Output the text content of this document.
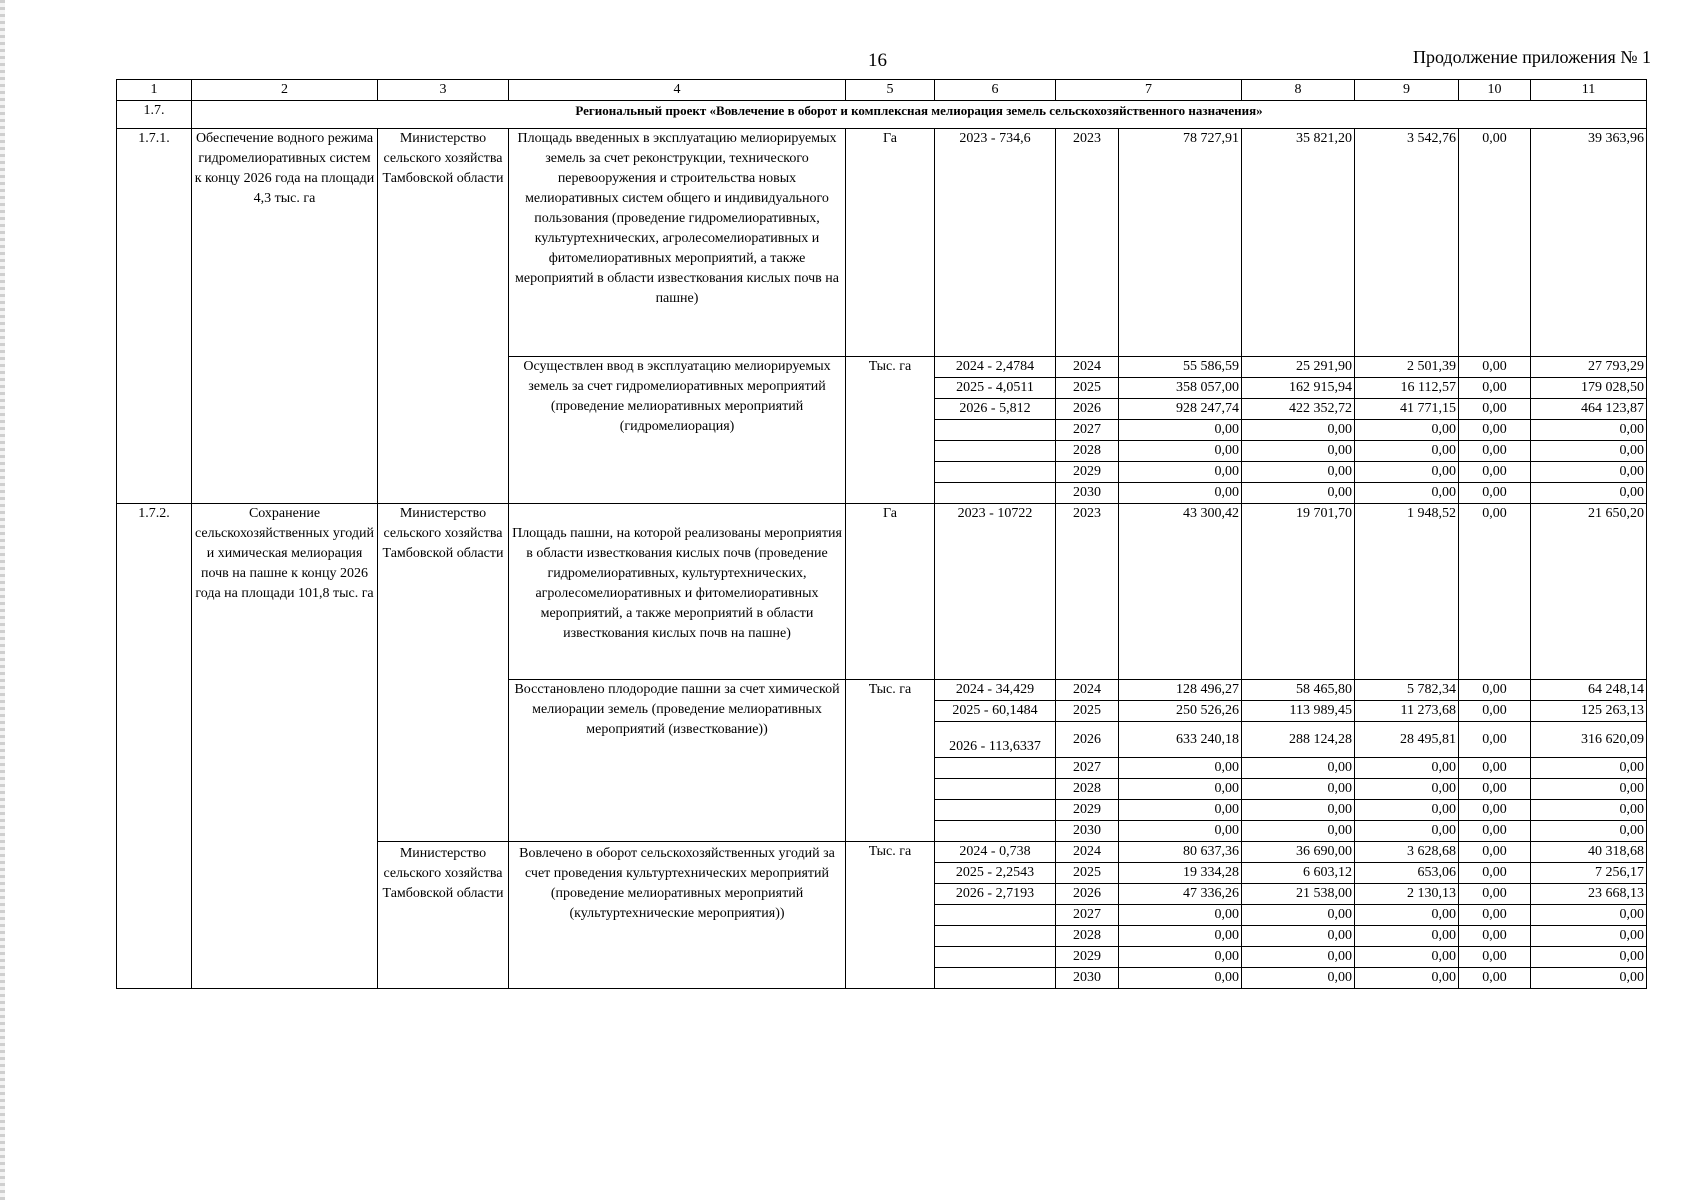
16	Продолжение приложения № 1
1	2	3	4	5	6	7		8	9	10	11
1.7.	Региональный проект «Вовлечение в оборот и комплексная мелиорация земель сельскохозяйственного назначения»										
1.7.1.	Обеспечение водного режима гидромелиоративных систем к концу 2026 года на площади 4,3 тыс. га	Министерство сельского хозяйства Тамбовской области	Площадь введенных в эксплуатацию мелиорируемых земель за счет реконструкции, технического перевооружения и строительства новых мелиоративных систем общего и индивидуального пользования (проведение гидромелиоративных, культуртехнических, агролесомелиоративных и фитомелиоративных мероприятий, а также мероприятий в области известкования кислых почв на пашне)	Га	2023 - 734,6	2023	78 727,91	35 821,20	3 542,76	0,00	39 363,96
			Осуществлен ввод в эксплуатацию мелиорируемых земель за счет гидромелиоративных мероприятий (проведение мелиоративных мероприятий (гидромелиорация)	Тыс. га	2024 - 2,4784	2024	55 586,59	25 291,90	2 501,39	0,00	27 793,29
					2025 - 4,0511	2025	358 057,00	162 915,94	16 112,57	0,00	179 028,50
					2026 - 5,812	2026	928 247,74	422 352,72	41 771,15	0,00	464 123,87
						2027	0,00	0,00	0,00	0,00	0,00
						2028	0,00	0,00	0,00	0,00	0,00
						2029	0,00	0,00	0,00	0,00	0,00
						2030	0,00	0,00	0,00	0,00	0,00
1.7.2.	Сохранение сельскохозяйственных угодий и химическая мелиорация почв на пашне к концу 2026 года на площади 101,8 тыс. га	Министерство сельского хозяйства Тамбовской области	Площадь пашни, на которой реализованы мероприятия в области известкования кислых почв (проведение гидромелиоративных, культуртехнических, агролесомелиоративных и фитомелиоративных мероприятий, а также мероприятий в области известкования кислых почв на пашне)	Га	2023 - 10722	2023	43 300,42	19 701,70	1 948,52	0,00	21 650,20
			Восстановлено плодородие пашни за счет химической мелиорации земель (проведение мелиоративных мероприятий (известкование))	Тыс. га	2024 - 34,429	2024	128 496,27	58 465,80	5 782,34	0,00	64 248,14
					2025 - 60,1484	2025	250 526,26	113 989,45	11 273,68	0,00	125 263,13
					2026 - 113,6337	2026	633 240,18	288 124,28	28 495,81	0,00	316 620,09
						2027	0,00	0,00	0,00	0,00	0,00
						2028	0,00	0,00	0,00	0,00	0,00
						2029	0,00	0,00	0,00	0,00	0,00
						2030	0,00	0,00	0,00	0,00	0,00
		Министерство сельского хозяйства Тамбовской области	Вовлечено в оборот сельскохозяйственных угодий за счет проведения культуртехнических мероприятий (проведение мелиоративных мероприятий (культуртехнические мероприятия))	Тыс. га	2024 - 0,738	2024	80 637,36	36 690,00	3 628,68	0,00	40 318,68
					2025 - 2,2543	2025	19 334,28	6 603,12	653,06	0,00	7 256,17
					2026 - 2,7193	2026	47 336,26	21 538,00	2 130,13	0,00	23 668,13
						2027	0,00	0,00	0,00	0,00	0,00
						2028	0,00	0,00	0,00	0,00	0,00
						2029	0,00	0,00	0,00	0,00	0,00
						2030	0,00	0,00	0,00	0,00	0,00
